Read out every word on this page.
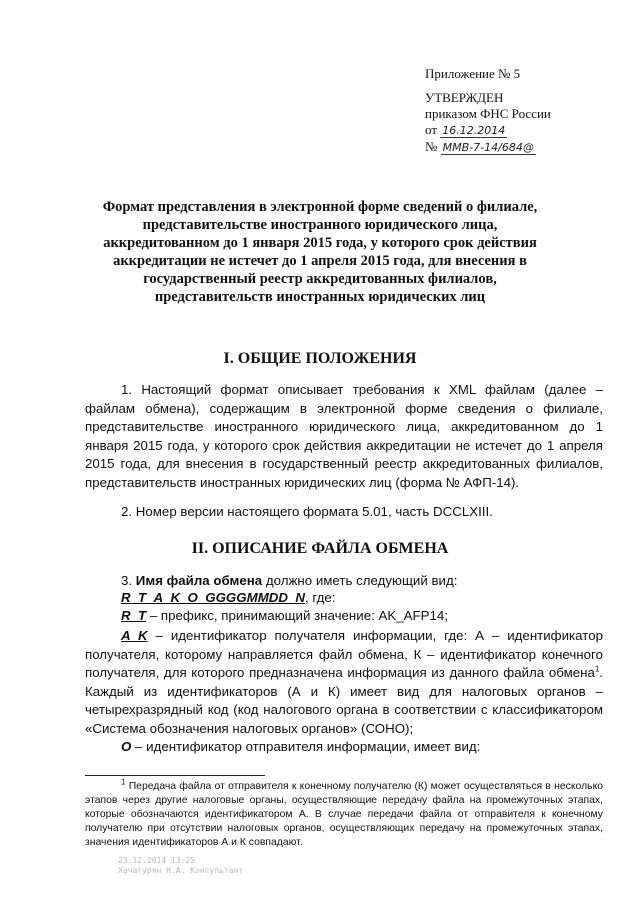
Приложение № 5
УТВЕРЖДЕН
приказом ФНС России
от 16.12.2014
№ ММВ-7-14/684@
Формат представления в электронной форме сведений о филиале, представительстве иностранного юридического лица, аккредитованном до 1 января 2015 года, у которого срок действия аккредитации не истечет до 1 апреля 2015 года, для внесения в государственный реестр аккредитованных филиалов, представительств иностранных юридических лиц
I. ОБЩИЕ ПОЛОЖЕНИЯ
1. Настоящий формат описывает требования к XML файлам (далее – файлам обмена), содержащим в электронной форме сведения о филиале, представительстве иностранного юридического лица, аккредитованном до 1 января 2015 года, у которого срок действия аккредитации не истечет до 1 апреля 2015 года, для внесения в государственный реестр аккредитованных филиалов, представительств иностранных юридических лиц (форма № АФП-14).
2. Номер версии настоящего формата 5.01, часть DCCLXIII.
II. ОПИСАНИЕ ФАЙЛА ОБМЕНА
3. Имя файла обмена должно иметь следующий вид:
R_T_A_K_O_GGGGMMDD_N, где:
R_T – префикс, принимающий значение: AK_AFP14;
A_K – идентификатор получателя информации, где: А – идентификатор получателя, которому направляется файл обмена, К – идентификатор конечного получателя, для которого предназначена информация из данного файла обмена$^1$. Каждый из идентификаторов (А и К) имеет вид для налоговых органов – четырехразрядный код (код налогового органа в соответствии с классификатором «Система обозначения налоговых органов» (СОНО);
О – идентификатор отправителя информации, имеет вид:
$^1$ Передача файла от отправителя к конечному получателю (К) может осуществляться в несколько этапов через другие налоговые органы, осуществляющие передачу файла на промежуточных этапах, которые обозначаются идентификатором А. В случае передачи файла от отправителя к конечному получателю при отсутствии налоговых органов, осуществляющих передачу на промежуточных этапах, значения идентификаторов А и К совпадают.
23.12.2014 13:25
Хачатурян Н.А. Консультант
